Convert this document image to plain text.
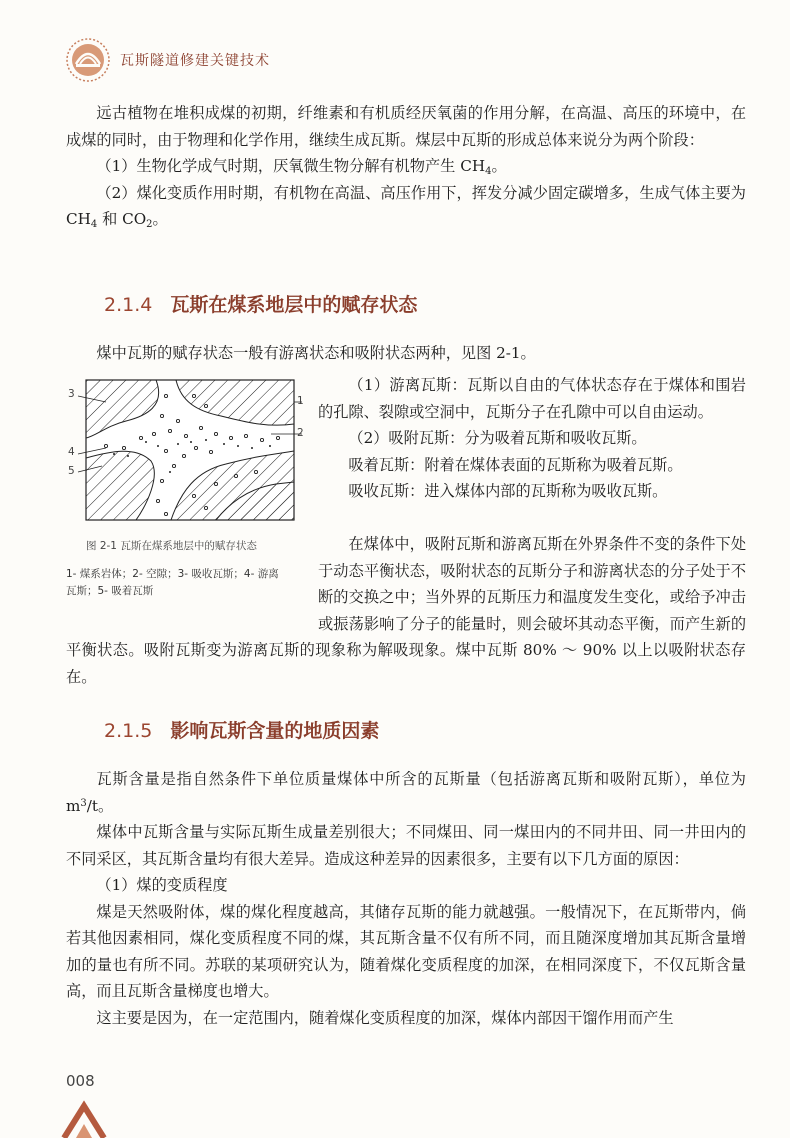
瓦斯隧道修建关键技术

远古植物在堆积成煤的初期，纤维素和有机质经厌氧菌的作用分解，在高温、高压的环境中，在成煤的同时，由于物理和化学作用，继续生成瓦斯。煤层中瓦斯的形成总体来说分为两个阶段：

（1）生物化学成气时期，厌氧微生物分解有机物产生 $CH_4$。

（2）煤化变质作用时期，有机物在高温、高压作用下，挥发分减少固定碳增多，生成气体主要为 $CH_4$ 和 $CO_2$。

2.1.4 瓦斯在煤系地层中的赋存状态

煤中瓦斯的赋存状态一般有游离状态和吸附状态两种，见图 2-1。

3
4
5
1
2
图 2-1 瓦斯在煤系地层中的赋存状态
1- 煤系岩体；2- 空隙；3- 吸收瓦斯；4- 游离瓦斯；5- 吸着瓦斯

（1）游离瓦斯：瓦斯以自由的气体状态存在于煤体和围岩的孔隙、裂隙或空洞中，瓦斯分子在孔隙中可以自由运动。

（2）吸附瓦斯：分为吸着瓦斯和吸收瓦斯。

吸着瓦斯：附着在煤体表面的瓦斯称为吸着瓦斯。

吸收瓦斯：进入煤体内部的瓦斯称为吸收瓦斯。

在煤体中，吸附瓦斯和游离瓦斯在外界条件不变的条件下处于动态平衡状态，吸附状态的瓦斯分子和游离状态的分子处于不断的交换之中；当外界的瓦斯压力和温度发生变化，或给予冲击或振荡影响了分子的能量时，则会破坏其动态平衡，而产生新的平衡状态。吸附瓦斯变为游离瓦斯的现象称为解吸现象。煤中瓦斯 80% ～ 90% 以上以吸附状态存在。

2.1.5 影响瓦斯含量的地质因素

瓦斯含量是指自然条件下单位质量煤体中所含的瓦斯量（包括游离瓦斯和吸附瓦斯），单位为 $m^3/t$。

煤体中瓦斯含量与实际瓦斯生成量差别很大；不同煤田、同一煤田内的不同井田、同一井田内的不同采区，其瓦斯含量均有很大差异。造成这种差异的因素很多，主要有以下几方面的原因：

（1）煤的变质程度

煤是天然吸附体，煤的煤化程度越高，其储存瓦斯的能力就越强。一般情况下，在瓦斯带内，倘若其他因素相同，煤化变质程度不同的煤，其瓦斯含量不仅有所不同，而且随深度增加其瓦斯含量增加的量也有所不同。苏联的某项研究认为，随着煤化变质程度的加深，在相同深度下，不仅瓦斯含量高，而且瓦斯含量梯度也增大。

这主要是因为，在一定范围内，随着煤化变质程度的加深，煤体内部因干馏作用而产生

008
